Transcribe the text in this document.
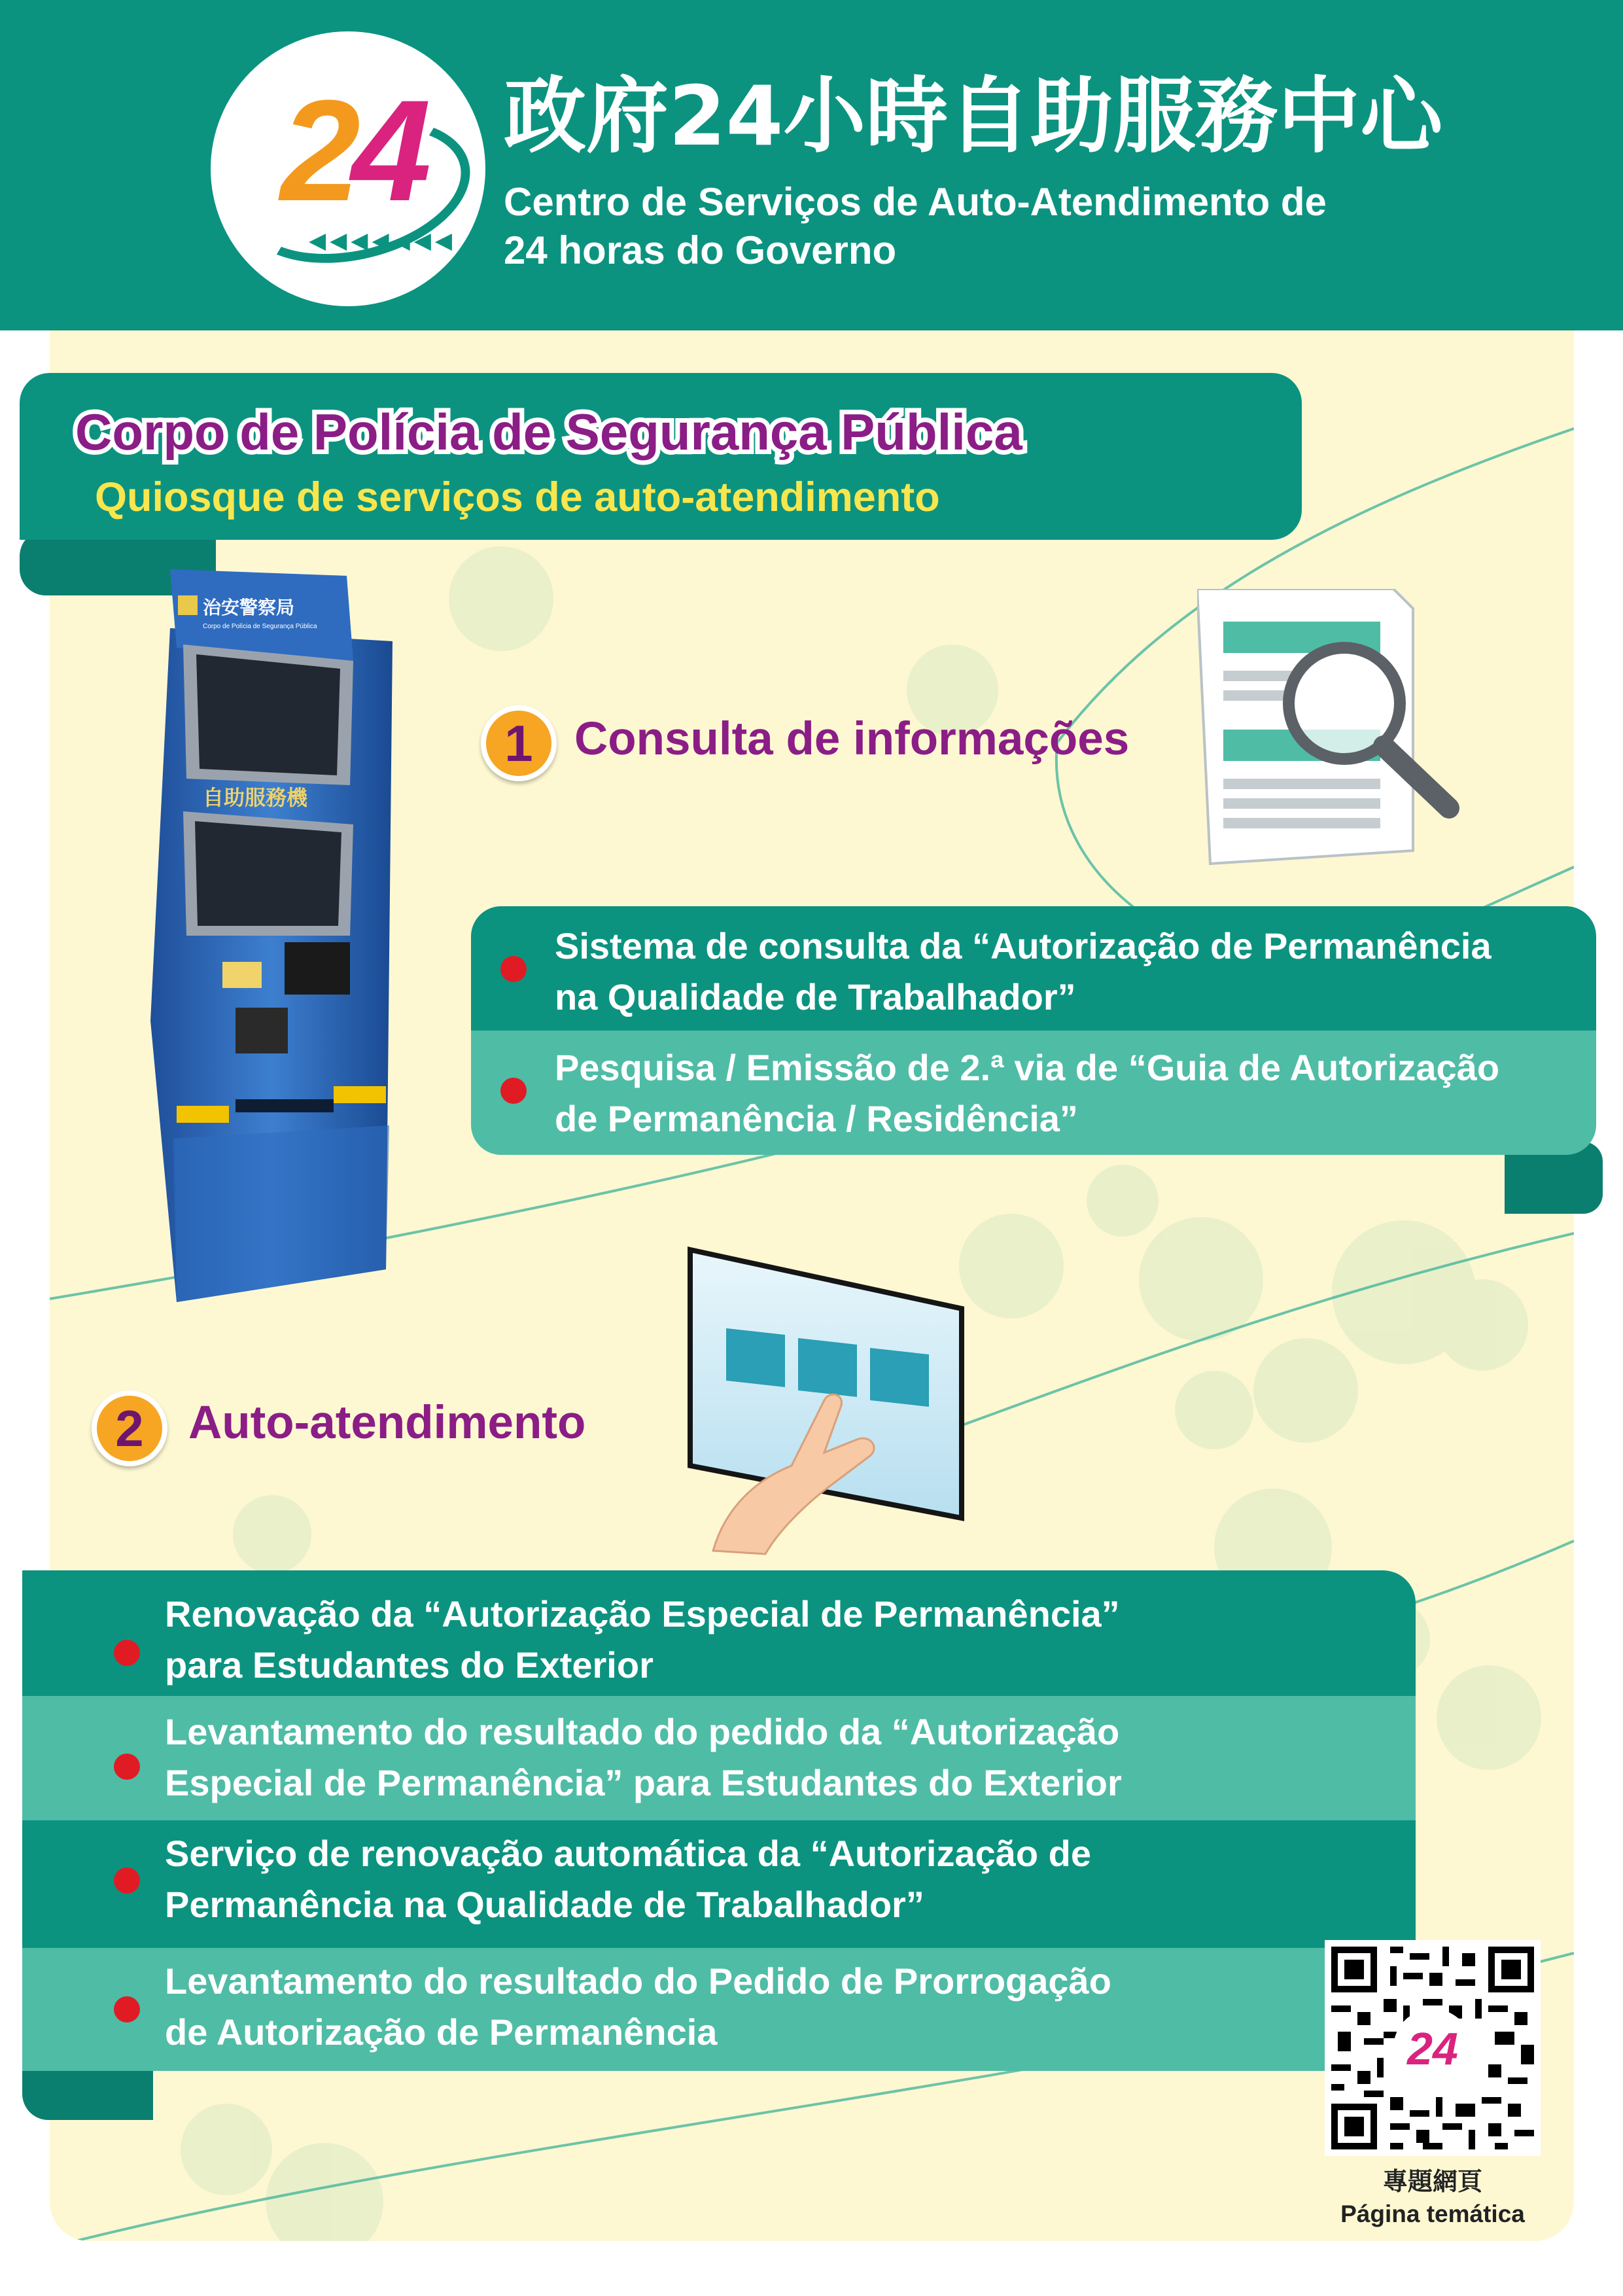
24
◀◀◀◀◀◀◀
政府24小時自助服務中心
Centro de Serviços de Auto-Atendimento de
24 horas do Governo
Corpo de Polícia de Segurança Pública
Quiosque de serviços de auto-atendimento
治安警察局
Corpo de Polícia de Segurança Pública
自助服務機
1 Consulta de informações
Sistema de consulta da “Autorização de Permanência
na Qualidade de Trabalhador”
Pesquisa / Emissão de 2.ª via de “Guia de Autorização
de Permanência / Residência”
2 Auto-atendimento
Renovação da “Autorização Especial de Permanência”
para Estudantes do Exterior
Levantamento do resultado do pedido da “Autorização
Especial de Permanência” para Estudantes do Exterior
Serviço de renovação automática da “Autorização de
Permanência na Qualidade de Trabalhador”
Levantamento do resultado do Pedido de Prorrogação
de Autorização de Permanência	24
專題網頁
Página temática
